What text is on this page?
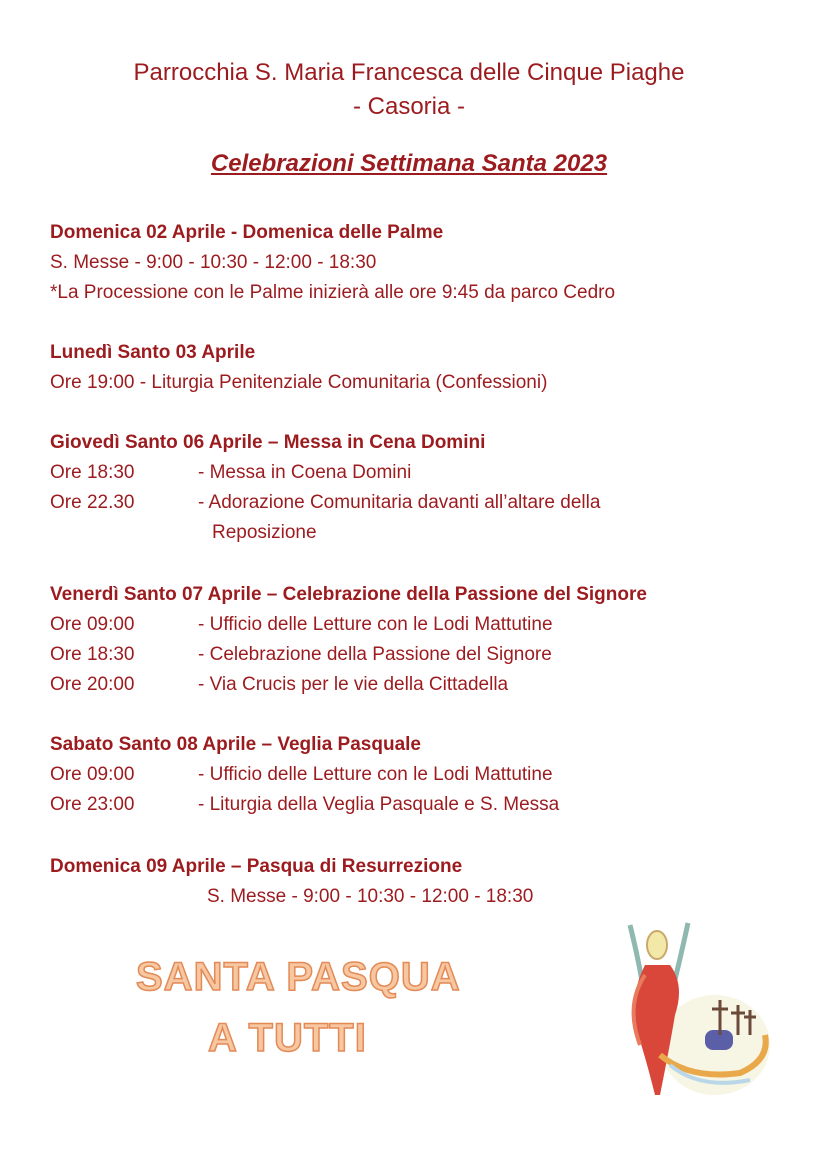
Parrocchia S. Maria Francesca delle Cinque Piaghe
- Casoria -
Celebrazioni Settimana Santa 2023
Domenica 02 Aprile - Domenica delle Palme
S. Messe - 9:00 - 10:30 - 12:00 - 18:30
*La Processione con le Palme inizierà alle ore 9:45 da parco Cedro
Lunedì Santo 03 Aprile
Ore 19:00 - Liturgia Penitenziale Comunitaria (Confessioni)
Giovedì Santo 06 Aprile – Messa in Cena Domini
Ore 18:30	- Messa in Coena Domini
Ore 22.30	- Adorazione Comunitaria davanti all’altare della
Reposizione
Venerdì Santo 07 Aprile – Celebrazione della Passione del Signore
Ore 09:00	- Ufficio delle Letture con le Lodi Mattutine
Ore 18:30	- Celebrazione della Passione del Signore
Ore 20:00	- Via Crucis per le vie della Cittadella
Sabato Santo 08 Aprile – Veglia Pasquale
Ore 09:00	- Ufficio delle Letture con le Lodi Mattutine
Ore 23:00	- Liturgia della Veglia Pasquale e S. Messa
Domenica 09 Aprile – Pasqua di Resurrezione
S. Messe - 9:00 - 10:30 - 12:00 - 18:30
SANTA PASQUA
A TUTTI
